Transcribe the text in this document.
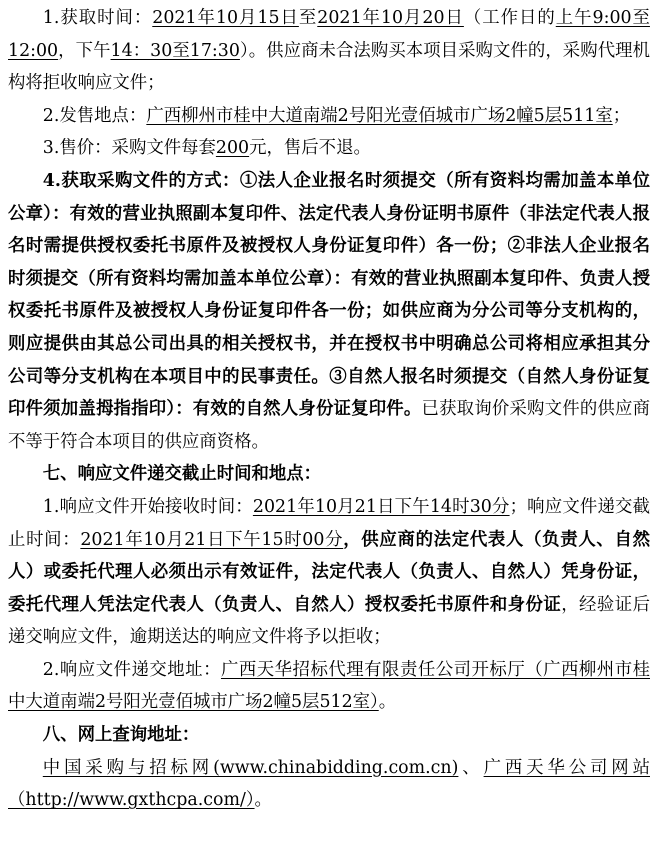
1.获取时间：2021年10月15日至2021年10月20日（工作日的上午9:00至12:00，下午14：30至17:30）。供应商未合法购买本项目采购文件的，采购代理机构将拒收响应文件；

2.发售地点：广西柳州市桂中大道南端2号阳光壹佰城市广场2幢5层511室；

3.售价：采购文件每套200元，售后不退。

4.获取采购文件的方式：①法人企业报名时须提交（所有资料均需加盖本单位公章）：有效的营业执照副本复印件、法定代表人身份证明书原件（非法定代表人报名时需提供授权委托书原件及被授权人身份证复印件）各一份；②非法人企业报名时须提交（所有资料均需加盖本单位公章）：有效的营业执照副本复印件、负责人授权委托书原件及被授权人身份证复印件各一份；如供应商为分公司等分支机构的，则应提供由其总公司出具的相关授权书，并在授权书中明确总公司将相应承担其分公司等分支机构在本项目中的民事责任。③自然人报名时须提交（自然人身份证复印件须加盖拇指指印）：有效的自然人身份证复印件。已获取询价采购文件的供应商不等于符合本项目的供应商资格。

七、响应文件递交截止时间和地点：

1.响应文件开始接收时间：2021年10月21日下午14时30分；响应文件递交截止时间：2021年10月21日下午15时00分，供应商的法定代表人（负责人、自然人）或委托代理人必须出示有效证件，法定代表人（负责人、自然人）凭身份证，委托代理人凭法定代表人（负责人、自然人）授权委托书原件和身份证，经验证后递交响应文件，逾期送达的响应文件将予以拒收；

2.响应文件递交地址：广西天华招标代理有限责任公司开标厅（广西柳州市桂中大道南端2号阳光壹佰城市广场2幢5层512室）。

八、网上查询地址：

中国采购与招标网(www.chinabidding.com.cn)、广西天华公司网站（http://www.gxthcpa.com/）。
